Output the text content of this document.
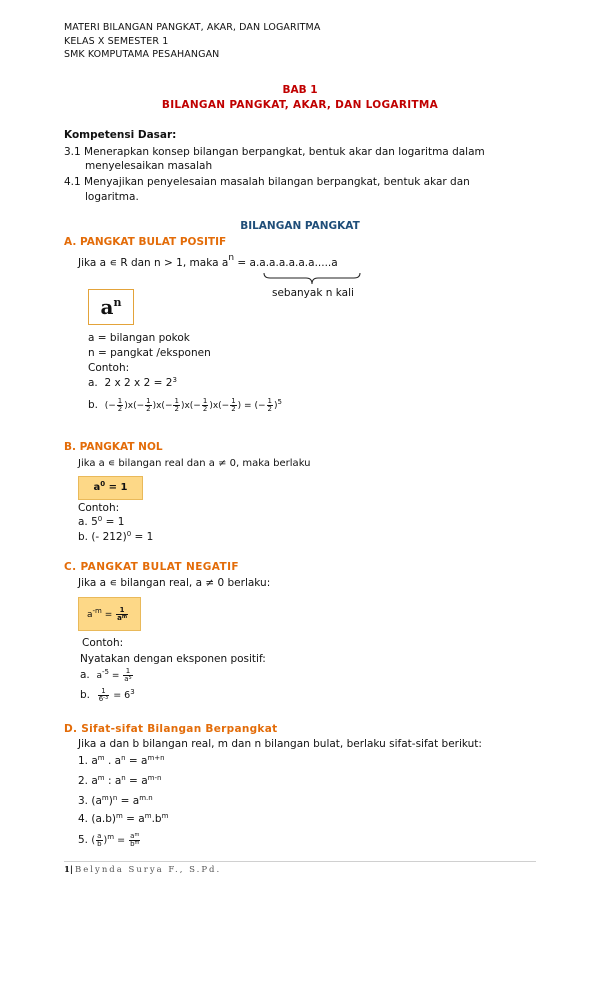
MATERI BILANGAN PANGKAT, AKAR, DAN LOGARITMA
KELAS X SEMESTER 1
SMK KOMPUTAMA PESAHANGAN
BAB 1
BILANGAN PANGKAT, AKAR, DAN LOGARITMA
Kompetensi Dasar:
3.1 Menerapkan konsep bilangan berpangkat, bentuk akar dan logaritma dalam
menyelesaikan masalah
4.1 Menyajikan penyelesaian masalah bilangan berpangkat, bentuk akar dan
logaritma.
BILANGAN PANGKAT
A. PANGKAT BULAT POSITIF
Jika a ∊ R dan n > 1, maka $a^n = a.a.a.a.a.a.a.....a$
sebanyak n kali
$a^n$
a = bilangan pokok
n = pangkat /eksponen
Contoh:
a. 2 x 2 x $2 = 2^3$
b. (− $\frac{1}{2} )x(- \frac{1}{2} )x(- \frac{1}{2} )x(- \frac{1}{2} )x(- \frac{1}{2}$ ) = (− $\frac{1}{2} )^5$
B. PANGKAT NOL
Jika a ∊ bilangan real dan a ≠ 0, maka berlaku
$a^0 = 1$
Contoh:
a. $5^0 = 1$
b. (- 212)$^0$ = 1
C. PANGKAT BULAT NEGATIF
Jika a ∊ bilangan real, a ≠ 0 berlaku:
$a^{-m} = \frac{1}{a^m}$
Contoh:
Nyatakan dengan eksponen positif:
a. $a^{-5} = \frac{1}{a^5}$
b. $\frac{1}{6^{-3}} = 6^3$
D. Sifat-sifat Bilangan Berpangkat
Jika a dan b bilangan real, m dan n bilangan bulat, berlaku sifat-sifat berikut:
1. $a^m$ . $a^n = a^{m+n}$
2. $a^m$ : $a^n = a^{m-n}$
3. $(a^m)^n = a^{m.n}$
4. $(a.b)^m = a^m.b^m$
5. ( $\frac{a}{b} )^m = \frac{a^m}{b^m}$
1| Belynda Surya F., S.Pd.
